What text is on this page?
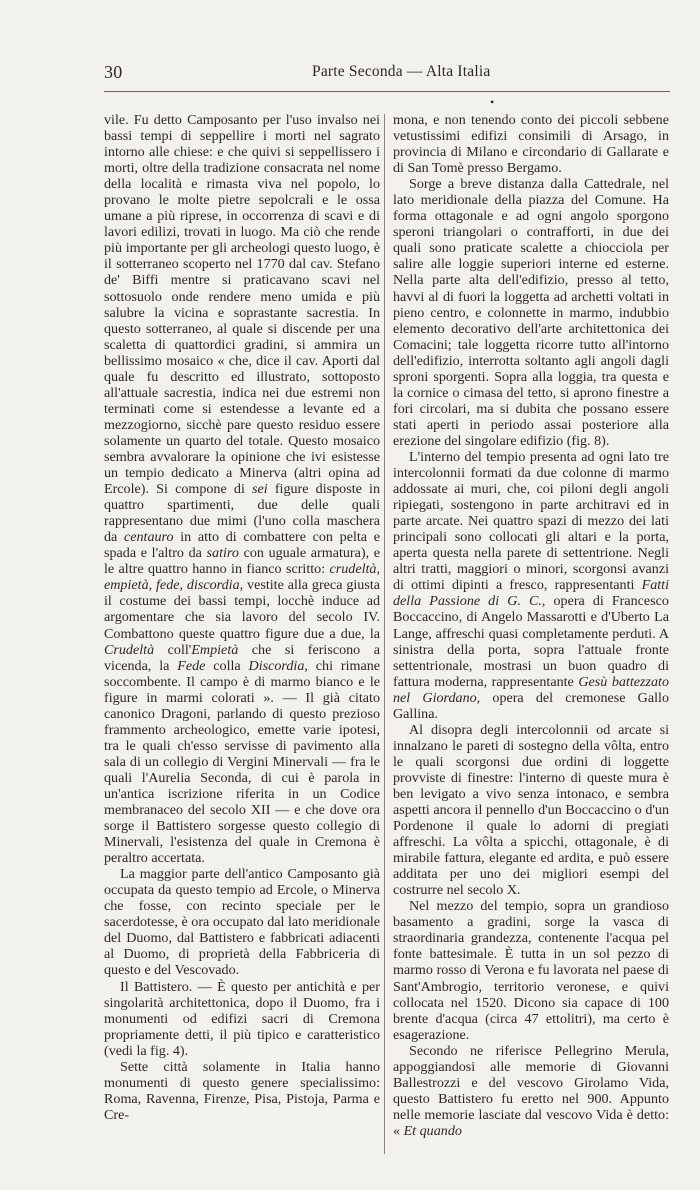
30	Parte Seconda — Alta Italia
•

vile. Fu detto Camposanto per l'uso invalso nei bassi tempi di seppellire i morti nel sagrato intorno alle chiese: e che quivi si seppellissero i morti, oltre della tradizione consacrata nel nome della località e rimasta viva nel popolo, lo provano le molte pietre sepolcrali e le ossa umane a più riprese, in occorrenza di scavi e di lavori edilizi, trovati in luogo. Ma ciò che rende più importante per gli archeologi questo luogo, è il sotterraneo scoperto nel 1770 dal cav. Stefano de' Biffi mentre si praticavano scavi nel sottosuolo onde rendere meno umida e più salubre la vicina e soprastante sacrestia. In questo sotterraneo, al quale si discende per una scaletta di quattordici gradini, si ammira un bellissimo mosaico « che, dice il cav. Aporti dal quale fu descritto ed illustrato, sottoposto all'attuale sacrestia, indica nei due estremi non terminati come si estendesse a levante ed a mezzogiorno, sicchè pare questo residuo essere solamente un quarto del totale. Questo mosaico sembra avvalorare la opinione che ivi esistesse un tempio dedicato a Minerva (altri opina ad Ercole). Si compone di sei figure disposte in quattro spartimenti, due delle quali rappresentano due mimi (l'uno colla maschera da centauro in atto di combattere con pelta e spada e l'altro da satiro con uguale armatura), e le altre quattro hanno in fianco scritto: crudeltà, empietà, fede, discordia, vestite alla greca giusta il costume dei bassi tempi, locchè induce ad argomentare che sia lavoro del secolo IV. Combattono queste quattro figure due a due, la Crudeltà coll'Empietà che si feriscono a vicenda, la Fede colla Discordia, chi rimane soccombente. Il campo è di marmo bianco e le figure in marmi colorati ». — Il già citato canonico Dragoni, parlando di questo prezioso frammento archeologico, emette varie ipotesi, tra le quali ch'esso servisse di pavimento alla sala di un collegio di Vergini Minervali — fra le quali l'Aurelia Seconda, di cui è parola in un'antica iscrizione riferita in un Codice membranaceo del secolo XII — e che dove ora sorge il Battistero sorgesse questo collegio di Minervali, l'esistenza del quale in Cremona è peraltro accertata.

La maggior parte dell'antico Camposanto già occupata da questo tempio ad Ercole, o Minerva che fosse, con recinto speciale per le sacerdotesse, è ora occupato dal lato meridionale del Duomo, dal Battistero e fabbricati adiacenti al Duomo, di proprietà della Fabbriceria di questo e del Vescovado.

Il Battistero. — È questo per antichità e per singolarità architettonica, dopo il Duomo, fra i monumenti od edifizi sacri di Cremona propriamente detti, il più tipico e caratteristico (vedi la fig. 4).

Sette città solamente in Italia hanno monumenti di questo genere specialissimo: Roma, Ravenna, Firenze, Pisa, Pistoja, Parma e Cre-

mona, e non tenendo conto dei piccoli sebbene vetustissimi edifizi consimili di Arsago, in provincia di Milano e circondario di Gallarate e di San Tomè presso Bergamo.

Sorge a breve distanza dalla Cattedrale, nel lato meridionale della piazza del Comune. Ha forma ottagonale e ad ogni angolo sporgono speroni triangolari o contrafforti, in due dei quali sono praticate scalette a chiocciola per salire alle loggie superiori interne ed esterne. Nella parte alta dell'edifizio, presso al tetto, havvi al di fuori la loggetta ad archetti voltati in pieno centro, e colonnette in marmo, indubbio elemento decorativo dell'arte architettonica dei Comacini; tale loggetta ricorre tutto all'intorno dell'edifizio, interrotta soltanto agli angoli dagli sproni sporgenti. Sopra alla loggia, tra questa e la cornice o cimasa del tetto, si aprono finestre a fori circolari, ma si dubita che possano essere stati aperti in periodo assai posteriore alla erezione del singolare edifizio (fig. 8).

L'interno del tempio presenta ad ogni lato tre intercolonnii formati da due colonne di marmo addossate ai muri, che, coi piloni degli angoli ripiegati, sostengono in parte architravi ed in parte arcate. Nei quattro spazi di mezzo dei lati principali sono collocati gli altari e la porta, aperta questa nella parete di settentrione. Negli altri tratti, maggiori o minori, scorgonsi avanzi di ottimi dipinti a fresco, rappresentanti Fatti della Passione di G. C., opera di Francesco Boccaccino, di Angelo Massarotti e d'Uberto La Lange, affreschi quasi completamente perduti. A sinistra della porta, sopra l'attuale fronte settentrionale, mostrasi un buon quadro di fattura moderna, rappresentante Gesù battezzato nel Giordano, opera del cremonese Gallo Gallina.

Al disopra degli intercolonnii od arcate si innalzano le pareti di sostegno della vôlta, entro le quali scorgonsi due ordini di loggette provviste di finestre: l'interno di queste mura è ben levigato a vivo senza intonaco, e sembra aspetti ancora il pennello d'un Boccaccino o d'un Pordenone il quale lo adorni di pregiati affreschi. La vôlta a spicchi, ottagonale, è di mirabile fattura, elegante ed ardita, e può essere additata per uno dei migliori esempi del costrurre nel secolo X.

Nel mezzo del tempio, sopra un grandioso basamento a gradini, sorge la vasca di straordinaria grandezza, contenente l'acqua pel fonte battesimale. È tutta in un sol pezzo di marmo rosso di Verona e fu lavorata nel paese di Sant'Ambrogio, territorio veronese, e quivi collocata nel 1520. Dicono sia capace di 100 brente d'acqua (circa 47 ettolitri), ma certo è esagerazione.

Secondo ne riferisce Pellegrino Merula, appoggiandosi alle memorie di Giovanni Ballestrozzi e del vescovo Girolamo Vida, questo Battistero fu eretto nel 900. Appunto nelle memorie lasciate dal vescovo Vida è detto: « Et quando
